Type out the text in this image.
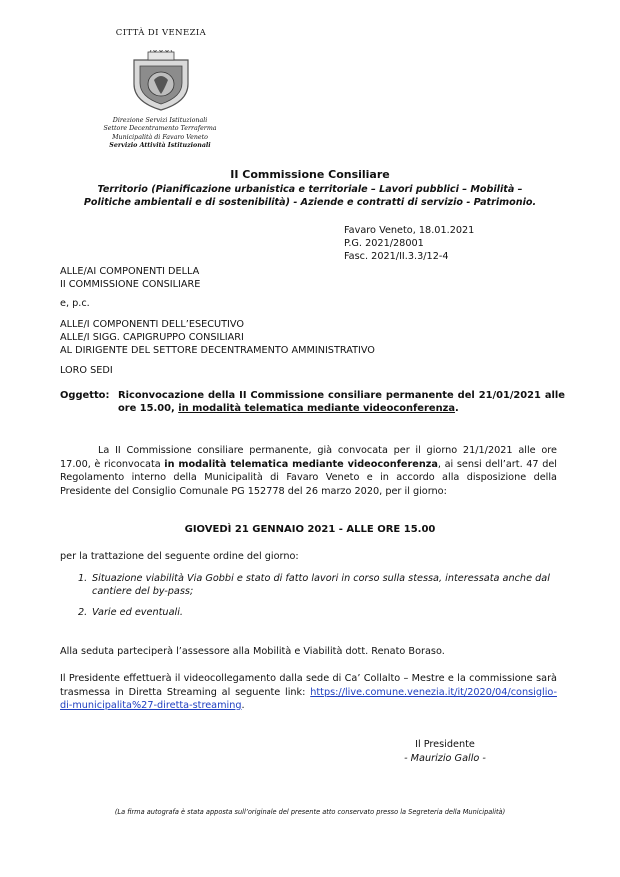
CITTÀ DI VENEZIA
Direzione Servizi Istituzionali
Settore Decentramento Terraferma
Municipalità di Favaro Veneto
Servizio Attività Istituzionali
II Commissione Consiliare
Territorio (Pianificazione urbanistica e territoriale – Lavori pubblici – Mobilità –
Politiche ambientali e di sostenibilità) - Aziende e contratti di servizio - Patrimonio.
Favaro Veneto, 18.01.2021
P.G. 2021/28001
Fasc. 2021/II.3.3/12-4
ALLE/AI COMPONENTI DELLA
II COMMISSIONE CONSILIARE
e, p.c.
ALLE/I COMPONENTI DELL’ESECUTIVO
ALLE/I SIGG. CAPIGRUPPO CONSILIARI
AL DIRIGENTE DEL SETTORE DECENTRAMENTO AMMINISTRATIVO
LORO SEDI
Oggetto: Riconvocazione della II Commissione consiliare permanente del 21/01/2021 alle ore 15.00, in modalità telematica mediante videoconferenza.
La II Commissione consiliare permanente, già convocata per il giorno 21/1/2021 alle ore 17.00, è riconvocata in modalità telematica mediante videoconferenza, ai sensi dell’art. 47 del Regolamento interno della Municipalità di Favaro Veneto e in accordo alla disposizione della Presidente del Consiglio Comunale PG 152778 del 26 marzo 2020, per il giorno:
GIOVEDÌ 21 GENNAIO 2021 - ALLE ORE 15.00
per la trattazione del seguente ordine del giorno:
1. Situazione viabilità Via Gobbi e stato di fatto lavori in corso sulla stessa, interessata anche dal cantiere del by-pass;
2. Varie ed eventuali.
Alla seduta parteciperà l’assessore alla Mobilità e Viabilità dott. Renato Boraso.
Il Presidente effettuerà il videocollegamento dalla sede di Ca’ Collalto – Mestre e la commissione sarà trasmessa in Diretta Streaming al seguente link: https://live.comune.venezia.it/it/2020/04/consiglio-di-municipalita%27-diretta-streaming.
Il Presidente
- Maurizio Gallo -
(La firma autografa è stata apposta sull’originale del presente atto conservato presso la Segreteria della Municipalità)
